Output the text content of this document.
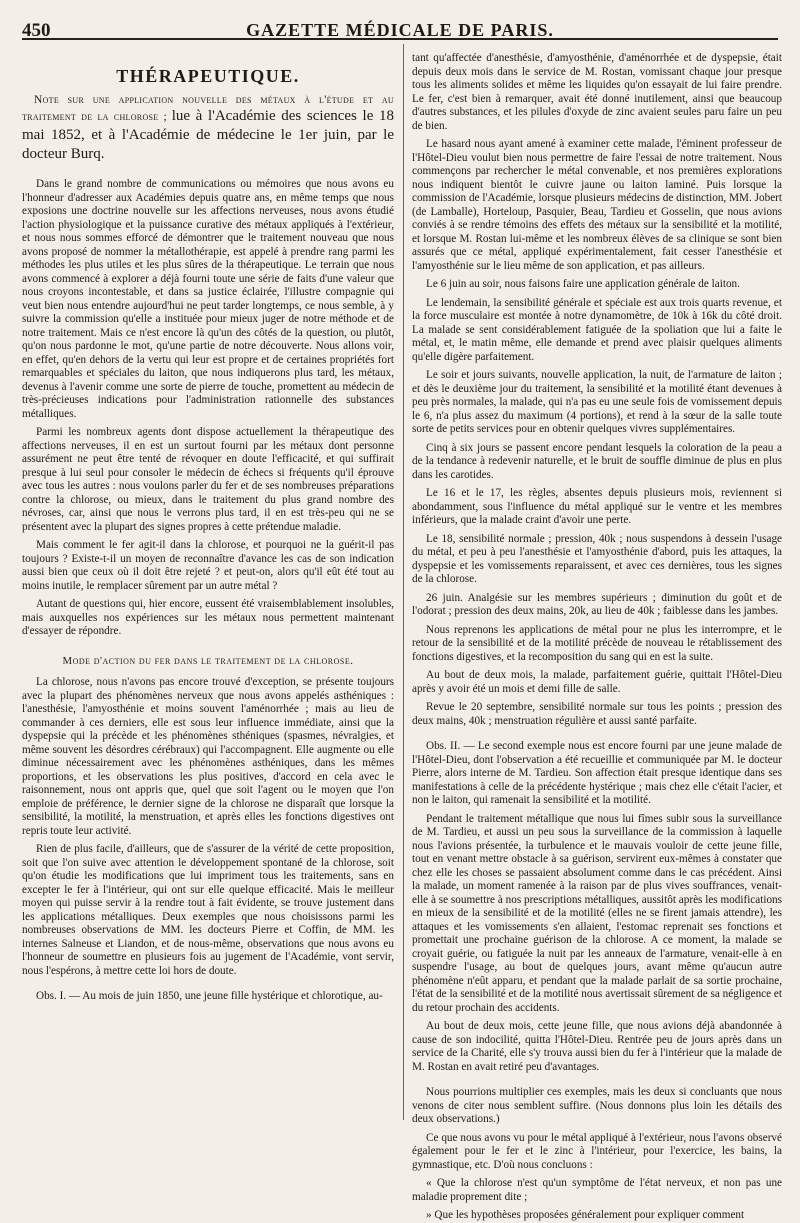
450	GAZETTE MÉDICALE DE PARIS.
THÉRAPEUTIQUE.

Note sur une application nouvelle des métaux à l'étude et au traitement de la chlorose ; lue à l'Académie des sciences le 18 mai 1852, et à l'Académie de médecine le 1er juin, par le docteur Burq.

Dans le grand nombre de communications ou mémoires que nous avons eu l'honneur d'adresser aux Académies depuis quatre ans, en même temps que nous exposions une doctrine nouvelle sur les affections nerveuses, nous avons étudié l'action physiologique et la puissance curative des métaux appliqués à l'extérieur, et nous nous sommes efforcé de démontrer que le traitement nouveau que nous avons proposé de nommer la métallothérapie, est appelé à prendre rang parmi les méthodes les plus utiles et les plus sûres de la thérapeutique. Le terrain que nous avons commencé à explorer a déjà fourni toute une série de faits d'une valeur que nous croyons incontestable, et dans sa justice éclairée, l'illustre compagnie qui veut bien nous entendre aujourd'hui ne peut tarder longtemps, ce nous semble, à y suivre la commission qu'elle a instituée pour mieux juger de notre méthode et de notre traitement. Mais ce n'est encore là qu'un des côtés de la question, ou plutôt, qu'on nous pardonne le mot, qu'une partie de notre découverte. Nous allons voir, en effet, qu'en dehors de la vertu qui leur est propre et de certaines propriétés fort remarquables et spéciales du laiton, que nous indiquerons plus tard, les métaux, devenus à l'avenir comme une sorte de pierre de touche, promettent au médecin de très-précieuses indications pour l'administration rationnelle des substances métalliques.

Parmi les nombreux agents dont dispose actuellement la thérapeutique des affections nerveuses, il en est un surtout fourni par les métaux dont personne assurément ne peut être tenté de révoquer en doute l'efficacité, et qui suffirait presque à lui seul pour consoler le médecin de échecs si fréquents qu'il éprouve avec tous les autres : nous voulons parler du fer et de ses nombreuses préparations contre la chlorose, ou mieux, dans le traitement du plus grand nombre des névroses, car, ainsi que nous le verrons plus tard, il en est très-peu qui ne se présentent avec la plupart des signes propres à cette prétendue maladie.

Mais comment le fer agit-il dans la chlorose, et pourquoi ne la guérit-il pas toujours ? Existe-t-il un moyen de reconnaître d'avance les cas de son indication aussi bien que ceux où il doit être rejeté ? et peut-on, alors qu'il eût été tout au moins inutile, le remplacer sûrement par un autre métal ?

Autant de questions qui, hier encore, eussent été vraisemblablement insolubles, mais auxquelles nos expériences sur les métaux nous permettent maintenant d'essayer de répondre.

Mode d'action du fer dans le traitement de la chlorose.

La chlorose, nous n'avons pas encore trouvé d'exception, se présente toujours avec la plupart des phénomènes nerveux que nous avons appelés asthéniques : l'anesthésie, l'amyosthénie et moins souvent l'aménorrhée ; mais au lieu de commander à ces derniers, elle est sous leur influence immédiate, ainsi que la dyspepsie qui la précède et les phénomènes sthéniques (spasmes, névralgies, et même souvent les désordres cérébraux) qui l'accompagnent. Elle augmente ou elle diminue nécessairement avec les phénomènes asthéniques, dans les mêmes proportions, et les observations les plus positives, d'accord en cela avec le raisonnement, nous ont appris que, quel que soit l'agent ou le moyen que l'on emploie de préférence, le dernier signe de la chlorose ne disparaît que lorsque la sensibilité, la motilité, la menstruation, et après elles les fonctions digestives ont repris toute leur activité.

Rien de plus facile, d'ailleurs, que de s'assurer de la vérité de cette proposition, soit que l'on suive avec attention le développement spontané de la chlorose, soit qu'on étudie les modifications que lui impriment tous les traitements, sans en excepter le fer à l'intérieur, qui ont sur elle quelque efficacité. Mais le meilleur moyen qui puisse servir à la rendre tout à fait évidente, se trouve justement dans les applications métalliques. Deux exemples que nous choisissons parmi les nombreuses observations de MM. les docteurs Pierre et Coffin, de MM. les internes Salneuse et Liandon, et de nous-même, observations que nous avons eu l'honneur de soumettre en plusieurs fois au jugement de l'Académie, vont servir, nous l'espérons, à mettre cette loi hors de doute.

Obs. I. — Au mois de juin 1850, une jeune fille hystérique et chlorotique, au-

tant qu'affectée d'anesthésie, d'amyosthénie, d'aménorrhée et de dyspepsie, était depuis deux mois dans le service de M. Rostan, vomissant chaque jour presque tous les aliments solides et même les liquides qu'on essayait de lui faire prendre. Le fer, c'est bien à remarquer, avait été donné inutilement, ainsi que beaucoup d'autres substances, et les pilules d'oxyde de zinc avaient seules paru faire un peu de bien.

Le hasard nous ayant amené à examiner cette malade, l'éminent professeur de l'Hôtel-Dieu voulut bien nous permettre de faire l'essai de notre traitement. Nous commençons par rechercher le métal convenable, et nos premières explorations nous indiquent bientôt le cuivre jaune ou laiton laminé. Puis lorsque la commission de l'Académie, lorsque plusieurs médecins de distinction, MM. Jobert (de Lamballe), Horteloup, Pasquier, Beau, Tardieu et Gosselin, que nous avions conviés à se rendre témoins des effets des métaux sur la sensibilité et la motilité, et lorsque M. Rostan lui-même et les nombreux élèves de sa clinique se sont bien assurés que ce métal, appliqué expérimentalement, fait cesser l'anesthésie et l'amyosthénie sur le lieu même de son application, et pas ailleurs.

Le 6 juin au soir, nous faisons faire une application générale de laiton.

Le lendemain, la sensibilité générale et spéciale est aux trois quarts revenue, et la force musculaire est montée à notre dynamomètre, de 10k à 16k du côté droit. La malade se sent considérablement fatiguée de la spoliation que lui a faite le métal, et, le matin même, elle demande et prend avec plaisir quelques aliments qu'elle digère parfaitement.

Le soir et jours suivants, nouvelle application, la nuit, de l'armature de laiton ; et dès le deuxième jour du traitement, la sensibilité et la motilité étant devenues à peu près normales, la malade, qui n'a pas eu une seule fois de vomissement depuis le 6, n'a plus assez du maximum (4 portions), et rend à la sœur de la salle toute sorte de petits services pour en obtenir quelques vivres supplémentaires.

Cinq à six jours se passent encore pendant lesquels la coloration de la peau a de la tendance à redevenir naturelle, et le bruit de souffle diminue de plus en plus dans les carotides.

Le 16 et le 17, les règles, absentes depuis plusieurs mois, reviennent si abondamment, sous l'influence du métal appliqué sur le ventre et les membres inférieurs, que la malade craint d'avoir une perte.

Le 18, sensibilité normale ; pression, 40k ; nous suspendons à dessein l'usage du métal, et peu à peu l'anesthésie et l'amyosthénie d'abord, puis les attaques, la dyspepsie et les vomissements reparaissent, et avec ces dernières, tous les signes de la chlorose.

26 juin. Analgésie sur les membres supérieurs ; diminution du goût et de l'odorat ; pression des deux mains, 20k, au lieu de 40k ; faiblesse dans les jambes.

Nous reprenons les applications de métal pour ne plus les interrompre, et le retour de la sensibilité et de la motilité précède de nouveau le rétablissement des fonctions digestives, et la recomposition du sang qui en est la suite.

Au bout de deux mois, la malade, parfaitement guérie, quittait l'Hôtel-Dieu après y avoir été un mois et demi fille de salle.

Revue le 20 septembre, sensibilité normale sur tous les points ; pression des deux mains, 40k ; menstruation régulière et aussi santé parfaite.

Obs. II. — Le second exemple nous est encore fourni par une jeune malade de l'Hôtel-Dieu, dont l'observation a été recueillie et communiquée par M. le docteur Pierre, alors interne de M. Tardieu. Son affection était presque identique dans ses manifestations à celle de la précédente hystérique ; mais chez elle c'était l'acier, et non le laiton, qui ramenait la sensibilité et la motilité.

Pendant le traitement métallique que nous lui fîmes subir sous la surveillance de M. Tardieu, et aussi un peu sous la surveillance de la commission à laquelle nous l'avions présentée, la turbulence et le mauvais vouloir de cette jeune fille, tout en venant mettre obstacle à sa guérison, servirent eux-mêmes à constater que chez elle les choses se passaient absolument comme dans le cas précédent. Ainsi la malade, un moment ramenée à la raison par de plus vives souffrances, venait-elle à se soumettre à nos prescriptions métalliques, aussitôt après les modifications en mieux de la sensibilité et de la motilité (elles ne se firent jamais attendre), les attaques et les vomissements s'en allaient, l'estomac reprenait ses fonctions et promettait une prochaine guérison de la chlorose. A ce moment, la malade se croyait guérie, ou fatiguée la nuit par les anneaux de l'armature, venait-elle à en suspendre l'usage, au bout de quelques jours, avant même qu'aucun autre phénomène n'eût apparu, et pendant que la malade parlait de sa sortie prochaine, l'état de la sensibilité et de la motilité nous avertissait sûrement de sa négligence et du retour prochain des accidents.

Au bout de deux mois, cette jeune fille, que nous avions déjà abandonnée à cause de son indocilité, quitta l'Hôtel-Dieu. Rentrée peu de jours après dans un service de la Charité, elle s'y trouva aussi bien du fer à l'intérieur que la malade de M. Rostan en avait retiré peu d'avantages.

Nous pourrions multiplier ces exemples, mais les deux si concluants que nous venons de citer nous semblent suffire. (Nous donnons plus loin les détails des deux observations.)

Ce que nous avons vu pour le métal appliqué à l'extérieur, nous l'avons observé également pour le fer et le zinc à l'intérieur, pour l'exercice, les bains, la gymnastique, etc. D'où nous concluons :

« Que la chlorose n'est qu'un symptôme de l'état nerveux, et non pas une maladie proprement dite ;

» Que les hypothèses proposées généralement pour expliquer comment
